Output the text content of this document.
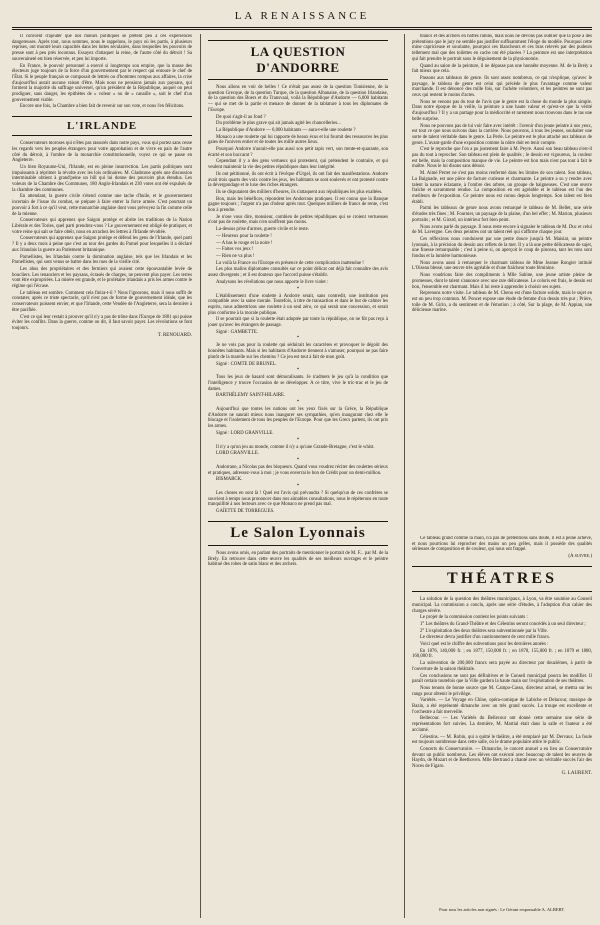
LA RENAISSANCE

Il convient d'ajouter que nos mœurs politiques se prêtent peu à ces expériences dangereuses. Après tout, nous sommes, nous le rappelons, le pays où les partis, à plusieurs reprises, ont montré leurs capacités dans les luttes séculaires, dans lesquelles les pouvoirs de presse sont à peu près inconnus. Essayez d'attaquer la reine, de l'autre côté du détroit ! Sa souveraineté est bien réservée, et peu lui importe.

En France, le pouvoir personnel a exercé si longtemps son empire, que la masse des électeurs juge toujours de la force d'un gouvernement par le respect qui entoure le chef de l'État. Si le peuple français se composait de lettrés ou d'hommes rompus aux affaires, la crise d'aujourd'hui aurait aucune raison d'être. Mais nous ne pensions jamais aux paysans, qui forment la majorité du suffrage universel, qu'un président de la République, auquel on peut prodiguer, sans danger, les épithètes de « voleur » ou de « canaille », soit le chef d'un gouvernement viable.

Encore une fois, la Chambre a bien fait de revenir sur son vote, et nous l'en félicitons.

L'IRLANDE

Conservateurs moroses qui n'êtes pas rassurés dans notre pays, vous qui portez sans cesse les regards vers les peuples étrangers pour votre approbation et de vivre en paix de l'autre côté du détroit, à l'ombre de la monarchie constitutionnelle, voyez ce qui se passe en Angleterre.

Un bien Royaume-Uni, l'Irlande, est en pleine insurrection. Les partis politiques sont impuissants à réprimer la révolte avec les lois ordinaires. M. Gladstone après une discussion interminable obtient à grand'peine un bill qui lui donne des pouvoirs plus étendus. Les voleurs de la Chambre des Communes, 180 Anglo-Irlandais et 230 votes ont été expulsés de la chambre des communes.

En attendant, la guerre civile s'étend comme une tache d'huile, et le gouvernement incertain de l'issue du combat, se prépare à faire entrer la force armée. C'est pourtant un pouvoir à fort à ce qu'il veut, cette monarchie anglaise dont vous prévoyez la fin comme celle de la mienne.

Conservateurs qui apprenez que Saigon protège et abrite les traditions de la Nation Libérale et des Tories, quel parti prendrez-vous ? Le gouvernement est obligé de pratiquer, et votre reine qui sait se faire obéir, nous en arrachez les lettres à l'Irlande révoltée.

Conservateurs qui apprenez que Saigon protège et défend les gens de l'Irlande, quel parti ? Il y a deux mois à peine que c'est au tour des gardes du Parnel pour lesquelles il a déclaré aux Irlandais la guerre au Parlement britannique.

Parnellistes, les Irlandais contre la domination anglaise, tels que les Irlandais et les Parnellistes, qui sont venus se battre dans les rues de la vieille cité.

Les abus des propriétaires et des fermiers qui avaient cette épouvantable levée de boucliers. Les tenanciers et les paysans, écrasés de charges, ne peuvent plus payer. Les terres vont être expropriées. La misère est grande, et le prolétaire irlandais a pris les armes contre le régime qui l'écrase.

Le tableau est sombre. Comment cela finira-t-il ? Nous l'ignorons, mais il nous suffit de constater, après ce triste spectacle, qu'il n'est pas de forme de gouvernement idéale, que les conservateurs puissent envier, et que l'Irlande, cette Vendée de l'Angleterre, sera la dernière à être pacifiée.

C'est ce qui leur restait à prouver qu'il n'y a pas de trône dans l'Europe de 1881 qui puisse éviter les conflits. Dans la guerre, comme on dit, il faut savoir payer. Les révolutions se font toujours.

T. RENOUARD.
LA QUESTION D'ANDORRE

Nous allons en voir de belles ! Ce n'était pas assez de la question Tunisienne, de la question Grecque, de la question Turque, de la question Albanaise, de la question Irlandaise, de la question des Boers et du Transvaal, voilà la République d'Andorre — 6,000 habitants — qui se met de la partie et menace de donner de la tablature à tous les diplomates de l'Europe.

De quoi s'agit-il au fond ?

Du problème le plus grave qui ait jamais agité les chancelleries...

La République d'Andorre — 6,000 habitants — aura-t-elle une roulette ?

Monaco a une roulette qui lui rapporte de beaux écus et lui fournit des ressources les plus gaies de l'univers entier et de toutes les mille autres lieux.

Pourquoi Andorre n'aurait-elle pas aussi son petit tapis vert, son trente-et-quarante, son écarté et son baccarat ?

Cependant il y a des gens vertueux qui protestent, qui prétendent le contraire, et qui veulent maintenir la vie des petites républiques dans leur intégrité.

Ils ont pétitionné, ils ont écrit à l'évêque d'Urgel, ils ont fait des manifestations. Andorre avait trois quarts des voix contre les jeux, les habitants se sont soulevés et ont protesté contre la dévergondage et le luxe des riches étrangers.

Ils se disputaient des milliers d'heures, ils s'attaquent aux républiques les plus exaltées.

Bon, mais les bénéfices, répondent les Andorrans pratiques. Il est connu que la Banque gagne toujours ; l'argent n'a pas d'odeur après tout. Quelques milliers de francs de rente, c'est bon à prendre.

Je n'ose vous dire, monsieur, combien de petites républiques qui se croient vertueuses n'ont pas de roulette, mais n'en souffrent pas moins.

La-dessus prise d'armes, guerre civile et le reste.

— Heureux pour la roulette !

— A bas le rouge et la noire !

— Faites vos jeux !

— Rien ne va plus !

La voilà la France ou l'Europe en présence de cette complication inattendue !

Les plus malins diplomates consultés sur ce point délicat ont déjà fait connaître des avis assez divergents ; et il est douteux que l'accord puisse s'établir.

Analysons les révélations que nous apporte le livre violet :

*

L'établissement d'une roulette à Andorre serait, sans contredit, une institution peu compatible avec la saine morale. Toutefois, à titre de transaction et dans le but de calmer les esprits, nous admettrions une roulette à un seul zéro, ce qui serait une concession, et serait plus conforme à la morale publique.

Il se pourrait que si la roulette était adoptée par toute la république, on ne fût pas reçu à jouer qu'avec les étrangers de passage.

Signé : GAMBETTE.

*

Je ne vois pas pour la roulette qui séduirait les caractères et provoquer le dégoût des honnêtes habitants. Mais si les habitants d'Andorre tiennent à s'amuser, pourquoi ne pas faire plutôt de la marelle sur les chemins ? Ce jeu est tout à fait de mon goût.

Signé : COMTE DE BRUNEL.

*

Tous les jeux de hasard sont démoralisants. Je n'admets le jeu qu'à la condition que l'intelligence y trouve l'occasion de se développer. A ce titre, vive le tric-trac et le jeu de dames.

BARTHÉLEMY SAINT-HILAIRE.

*

Aujourd'hui que toutes les nations ont les yeux fixés sur la Grèce, la République d'Andorre ne saurait mieux nous inaugurer ses sympathies, qu'en inaugurant chez elle le blocage et l'isolement de tous les peuples de l'Europe. Pour que les Grecs partent, ils ont pris les armes.

Signé : LORD GRANVILLE.

*

Il n'y a qu'un jeu au monde, comme il n'y a qu'une Grande-Bretagne, c'est le whist.

LORD GRANVILLE.

*

Andorrane, a Nicolas pas des bisqueurs. Quand vous voudrez réciter des roulettes sérieux et pratiques, adressez-vous à moi ; je vous enverrai le bon de Crédit pour un demi-million.

BISMARCK.

*

Les choses en sont là ! Quel est l'avis qui prévaudra ? Si quelqu'un de ces confrères se souvient à temps nous prononcer dans nos aimables consultations, nous le répéterons en toute tranquillité à nos lecteurs avec ce que Monaco ne prend pas mal.

GAÏETTE DE TORREGUES.

Le Salon Lyonnais

Nous avons omis, en parlant des portraits de mentionner le portrait de M. F... par M. de la Brely. En retrouve dans cette œuvre les qualités de ses meilleurs ouvrages et le peintre habitué des robes de satin blanc et des archers.

blancs et des archers en hottes rubins, mais nous ne devons pas oublier que la pose a des prétentions que le jury ne semble pas justifier suffisamment l'éloge du modèle. Pourquoi cette mine capricieuse et souriante, pourquoi ces blancheurs et ces bras relevés par des pudeurs tellement mal que des toilettes en cache ont été placées ? La peinture est une interprétation qui fait prendre le portrait sous le déguisement de la physionomie.

Quand au salon de la peinture, il ne dépasse pas une honnête moyenne. M. de la Brely a fait mieux que cela.

Passons aux tableaux de genre. Ils sont assez nombreux, ce qui n'explique, qu'avec le paysage, le tableau de genre est celui qui précède le plus l'avantage comme valeur marchande. Il est dénoncé des mille fois, sur l'achète volontiers, et les peintres ne sont pas ceux qui restent le moins d'actes.

Nous ne venons pas du tout de l'avis que le genre est la chose du monde la plus simple. Dans notre époque de la veille, la peinture a une haute valeur et qu'est-ce que la vérité d'aujourd'hui ? Il y a un partage pour la médiocrité et rarement nous trouvons dans le tas une belle surprise.

Nous ne pouvons pas de lui voir faire avec intérêt : l'avenir d'un jeune peintre à nos yeux, est tout ce que nous suivons dans la carrière. Nous pouvons, à tous les jeunes, souhaiter une sorte de talent véritable dans le genre. La Perle. Le peintre est le plus attaché aux tableaux de genre. L'avant-garde d'une exposition comme la nôtre doit en tenir compte.

C'est le reproche que l'on a pu justement faire à M. Peyre. Aussi son beau tableau n'est-il pas du tout à reprocher. Son tableau est plein de qualités ; le dessin est vigoureux, la couleur est belle, mais la composition manque de vie. Le peintre est bon mais n'est pas tout à fait le maître. Nous le lui disons sans détour.

M. Aimé Perret ne s'est pas moins renfermé dans les limites de son talent. Son tableau, La Baignade, est une pièce de facture curieuse et charmante. Le peintre a su y rendre avec talent la nature éclatante, à l'ombre des arbres, un groupe de baigneuses. C'est une œuvre fraîche et savamment rendue. La composition en est agréable et le tableau est l'un des meilleurs de l'exposition. Ce peintre nous est connu depuis longtemps. Son talent est bien établi.

Parmi les tableaux de genre nous avons remarqué le tableau de M. Bellet, une série d'études très fines ; M. Fournier, un paysage de la plaine, d'un bel effet ; M. Marion, plusieurs portraits ; et M. Girard, un intérieur fort bien peint.

Nous avons parlé du paysage. Il nous reste encore à signaler le tableau de M. Duc et celui de M. Lavergne. Ces deux peintres ont un talent réel qui s'affirme chaque jour.

Ces réflexions nous conduisent par une pente douce jusqu'à M. Maisiat, un peintre lyonnais, à la précision du dessin aux reflets de la mer. Il y a là une petite délicatesse de sujet, une finesse remarquable ; c'est à peine si, on aperçoit le coup de pinceau, tant les tons sont fondus et la lumière harmonieuse.

Nous avons aussi à remarquer le charmant tableau de Mme Jeanne Rongier intitulé L'Oiseau blessé, une œuvre très agréable et d'une fraîcheur toute féminine.

Nous voudrions faire des compliments à Mlle Sabine, une jeune artiste pleine de promesses, dont le talent s'annonce avec une rare délicatesse. Le coloris est frais, le dessin est bon, l'ensemble est charmant. Mais il lui reste à apprendre à choisir ses sujets.

Reprenons notre visite. Le tableau de M. Chenu est d'une facture solide, mais le sujet en est un peu trop commun. M. Poncet expose une étude de femme d'un dessin très pur ; Prière, toile de M. Girin, a du sentiment et de l'émotion ; à côté, Sur la plage, de M. Appian, une délicieuse marine.

Ce tableau grand comme la main, n'a pas de prétentions sans doute, il est à peine achevé, et nous pourrions lui reprocher des mains un peu grêles, mais il possède des qualités sérieuses de composition et de couleur, qui nous ont frappé.

(A suivre.)
THÉATRES

La solution de la question des théâtres municipaux, à Lyon, va être soumise au Conseil municipal. La commission a conclu, après une série d'études, à l'adoption d'un cahier des charges sévère.

Le projet de la commission contient les points suivants :

1° Les théâtres du Grand-Théâtre et des Célestins seront concédés à un seul directeur ;

2° L'exploitation des deux théâtres sera subventionnée par la Ville.

Le directeur devra justifier d'un cautionnement de cent mille francs.

Voici quel est le chiffre des subventions pour les dernières années :

En 1876, 140,000 fr. ; en 1877, 150,000 fr. ; en 1878, 155,000 fr. ; en 1879 et 1880, 160,000 fr.

La subvention de 200,000 francs sera payée au directeur par douzièmes, à partir de l'ouverture de la saison théâtrale.

Ces conclusions ne sont pas définitives et le Conseil municipal pourra les modifier. Il paraît certain toutefois que la Ville gardera la haute main sur l'exploitation de ses théâtres.

Nous tenons de bonne source que M. Campo-Casso, directeur actuel, se mettra sur les rangs pour obtenir le privilège.

Variétés. — Le Voyage en Chine, opéra-comique de Labiche et Delacour, musique de Bazin, a été représenté dimanche avec un très grand succès. La troupe est excellente et l'orchestre a fait merveille.

Bellecour. — Les Variétés du Bellecour ont donné cette semaine une série de représentations fort suivies. La dernière, M. Martial était dans la salle et l'auteur a été acclamé.

Célestins. — M. Robin, qui a quitté le théâtre, a été remplacé par M. Dervaux. La foule est toujours nombreuse dans cette salle, où le drame populaire attire le public.

Concerts du Conservatoire. — Dimanche, le concert annuel a eu lieu au Conservatoire devant un public nombreux. Les élèves ont exécuté avec beaucoup de talent les œuvres de Haydn, de Mozart et de Beethoven. Mlle Bertrand a chanté avec un véritable succès l'air des Noces de Figaro.

G. LAURENT.
Pour tous les articles non signés : Le Gérant responsable A. ALBERT.
